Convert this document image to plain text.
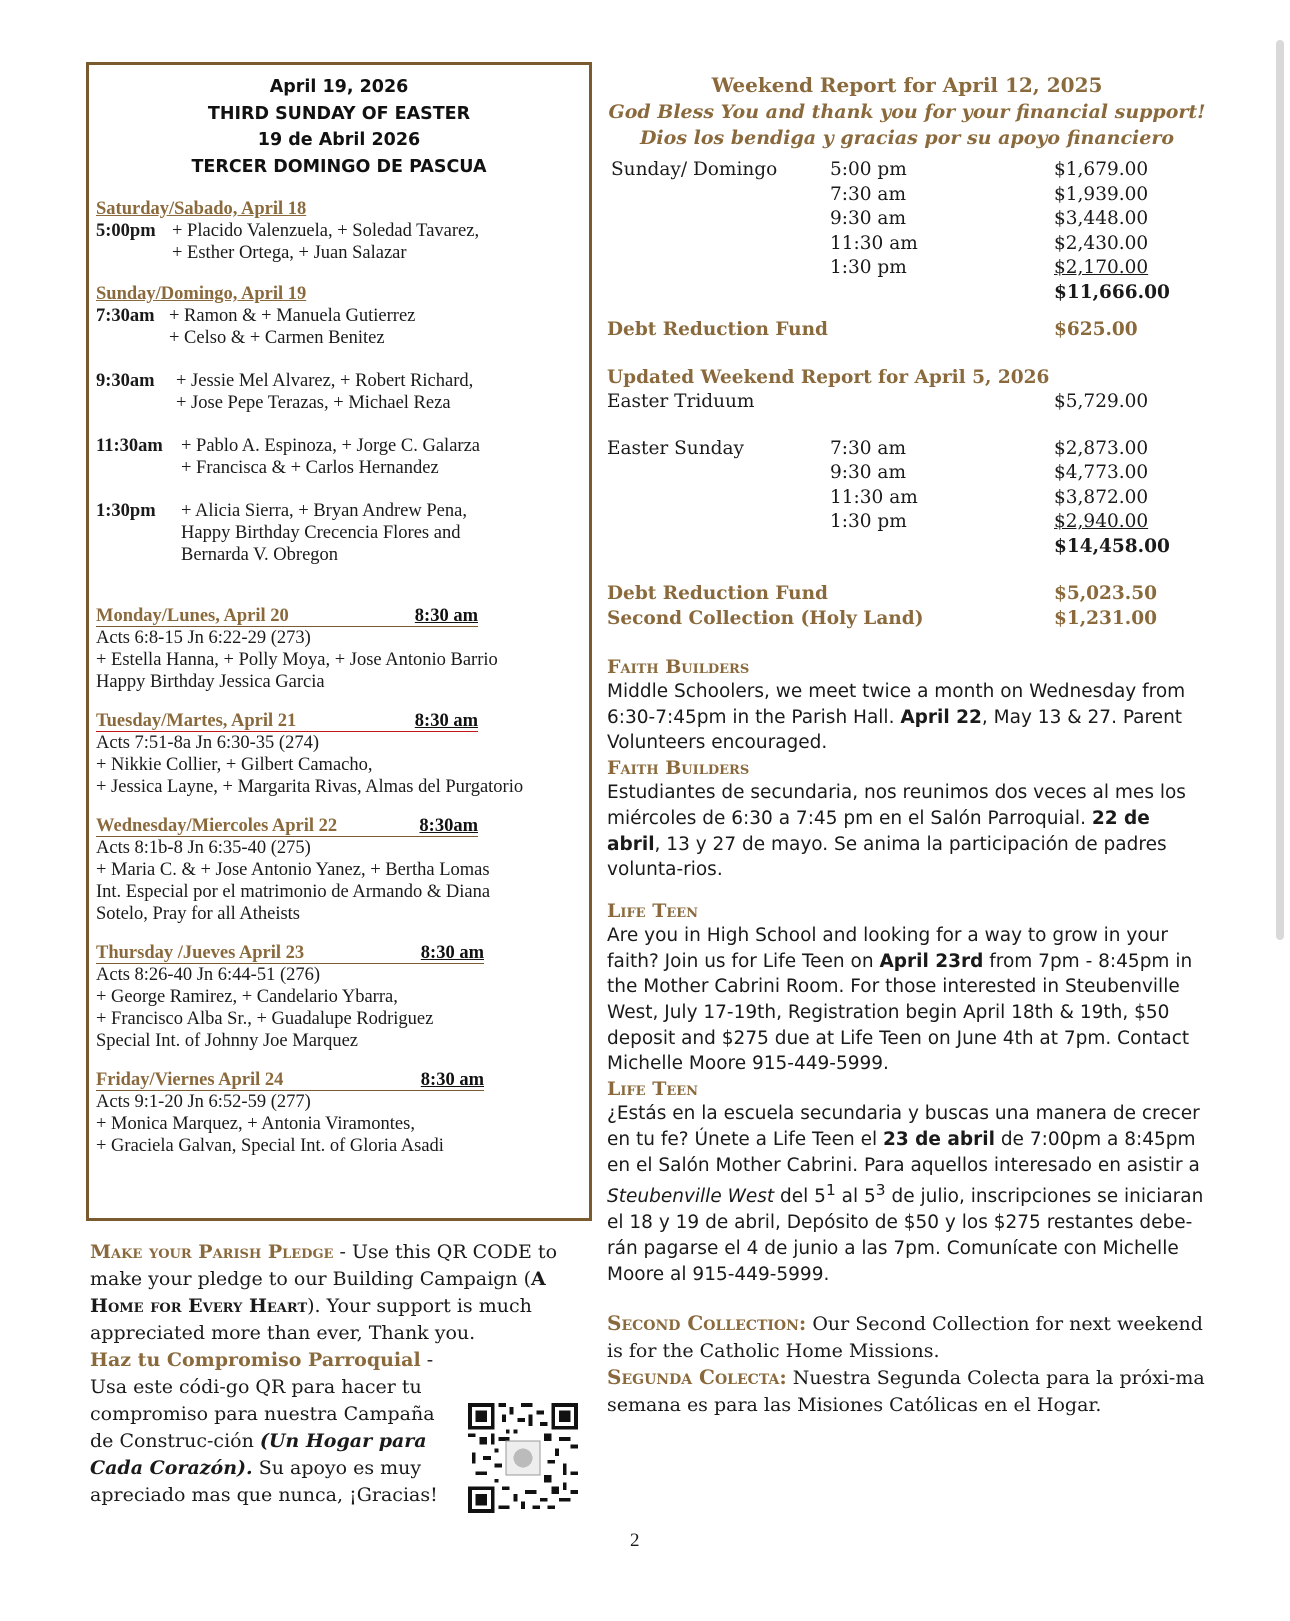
April 19, 2026
THIRD SUNDAY OF EASTER
19 de Abril 2026
TERCER DOMINGO DE PASCUA
Saturday/Sabado, April 18
5:00pm + Placido Valenzuela, + Soledad Tavarez,
+ Esther Ortega, + Juan Salazar
Sunday/Domingo, April 19
7:30am + Ramon & + Manuela Gutierrez
+ Celso & + Carmen Benitez
9:30am	+ Jessie Mel Alvarez, + Robert Richard,
+ Jose Pepe Terazas, + Michael Reza
11:30am + Pablo A. Espinoza, + Jorge C. Galarza
+ Francisca & + Carlos Hernandez
1:30pm	+ Alicia Sierra, + Bryan Andrew Pena,
Happy Birthday Crecencia Flores and
Bernarda V. Obregon
Monday/Lunes, April 20	8:30 am
Acts 6:8-15 Jn 6:22-29 (273)
+ Estella Hanna, + Polly Moya, + Jose Antonio Barrio
Happy Birthday Jessica Garcia
Tuesday/Martes, April 21	8:30 am
Acts 7:51-8a Jn 6:30-35 (274)
+ Nikkie Collier, + Gilbert Camacho,
+ Jessica Layne, + Margarita Rivas, Almas del Purgatorio
Wednesday/Miercoles April 22	8:30am
Acts 8:1b-8 Jn 6:35-40 (275)
+ Maria C. & + Jose Antonio Yanez, + Bertha Lomas
Int. Especial por el matrimonio de Armando & Diana
Sotelo, Pray for all Atheists
Thursday /Jueves April 23	8:30 am
Acts 8:26-40 Jn 6:44-51 (276)
+ George Ramirez, + Candelario Ybarra,
+ Francisco Alba Sr., + Guadalupe Rodriguez
Special Int. of Johnny Joe Marquez
Friday/Viernes April 24	8:30 am
Acts 9:1-20 Jn 6:52-59 (277)
+ Monica Marquez, + Antonia Viramontes,
+ Graciela Galvan, Special Int. of Gloria Asadi
Make your Parish Pledge - Use this QR CODE to make your pledge to our Building Campaign (A Home for Every Heart). Your support is much appreciated more than ever, Thank you.
Haz tu Compromiso Parroquial - Usa este códi-go QR para hacer tu compromiso para nuestra Campaña de Construc-ción (Un Hogar para Cada Corazón). Su apoyo es muy apreciado mas que nunca, ¡Gracias!
Weekend Report for April 12, 2025
God Bless You and thank you for your financial support!
Dios los bendiga y gracias por su apoyo financiero
Sunday/ Domingo	5:00 pm	$1,679.00
7:30 am	$1,939.00
9:30 am	$3,448.00
11:30 am	$2,430.00
1:30 pm	$2,170.00
$11,666.00
Debt Reduction Fund	$625.00
Updated Weekend Report for April 5, 2026
Easter Triduum	$5,729.00
Easter Sunday	7:30 am	$2,873.00
9:30 am	$4,773.00
11:30 am	$3,872.00
1:30 pm	$2,940.00
$14,458.00
Debt Reduction Fund	$5,023.50
Second Collection (Holy Land)	$1,231.00
Faith Builders
Middle Schoolers, we meet twice a month on Wednesday from 6:30-7:45pm in the Parish Hall. April 22, May 13 & 27. Parent Volunteers encouraged.
Faith Builders
Estudiantes de secundaria, nos reunimos dos veces al mes los miércoles de 6:30 a 7:45 pm en el Salón Parroquial. 22 de abril, 13 y 27 de mayo. Se anima la participación de padres volunta-rios.
Life Teen
Are you in High School and looking for a way to grow in your faith? Join us for Life Teen on April 23rd from 7pm - 8:45pm in the Mother Cabrini Room. For those interested in Steubenville West, July 17-19th, Registration begin April 18th & 19th, $50 deposit and $275 due at Life Teen on June 4th at 7pm. Contact Michelle Moore 915-449-5999.
Life Teen
¿Estás en la escuela secundaria y buscas una manera de crecer en tu fe? Únete a Life Teen el 23 de abril de 7:00pm a 8:45pm en el Salón Mother Cabrini. Para aquellos interesado en asistir a Steubenville West del $5^1$ al $5^3$ de julio, inscripciones se iniciaran el 18 y 19 de abril, Depósito de $50 y los $275 restantes debe-rán pagarse el 4 de junio a las 7pm. Comunícate con Michelle Moore al 915-449-5999.
Second Collection: Our Second Collection for next weekend is for the Catholic Home Missions.
Segunda Colecta: Nuestra Segunda Colecta para la próxi-ma semana es para las Misiones Católicas en el Hogar.
2
